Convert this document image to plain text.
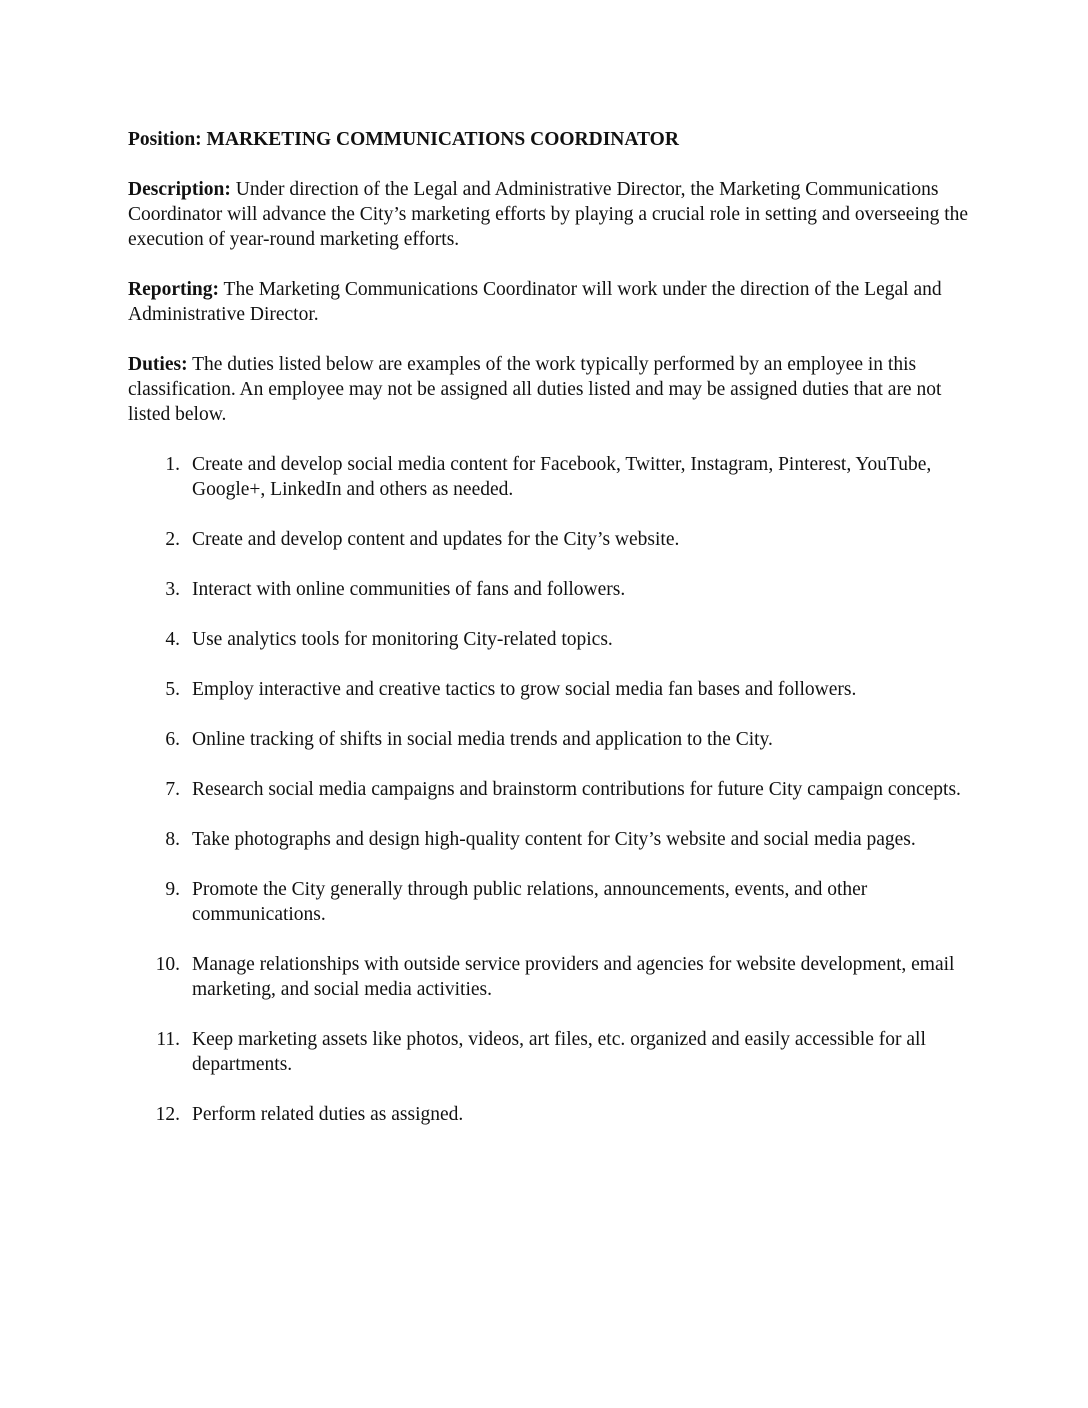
Position: MARKETING COMMUNICATIONS COORDINATOR

Description: Under direction of the Legal and Administrative Director, the Marketing Communications Coordinator will advance the City’s marketing efforts by playing a crucial role in setting and overseeing the execution of year-round marketing efforts.

Reporting: The Marketing Communications Coordinator will work under the direction of the Legal and Administrative Director.

Duties: The duties listed below are examples of the work typically performed by an employee in this classification. An employee may not be assigned all duties listed and may be assigned duties that are not listed below.

1. Create and develop social media content for Facebook, Twitter, Instagram, Pinterest, YouTube, Google+, LinkedIn and others as needed.
2. Create and develop content and updates for the City’s website.
3. Interact with online communities of fans and followers.
4. Use analytics tools for monitoring City-related topics.
5. Employ interactive and creative tactics to grow social media fan bases and followers.
6. Online tracking of shifts in social media trends and application to the City.
7. Research social media campaigns and brainstorm contributions for future City campaign concepts.
8. Take photographs and design high-quality content for City’s website and social media pages.
9. Promote the City generally through public relations, announcements, events, and other communications.
10. Manage relationships with outside service providers and agencies for website development, email marketing, and social media activities.
11. Keep marketing assets like photos, videos, art files, etc. organized and easily accessible for all departments.
12. Perform related duties as assigned.
